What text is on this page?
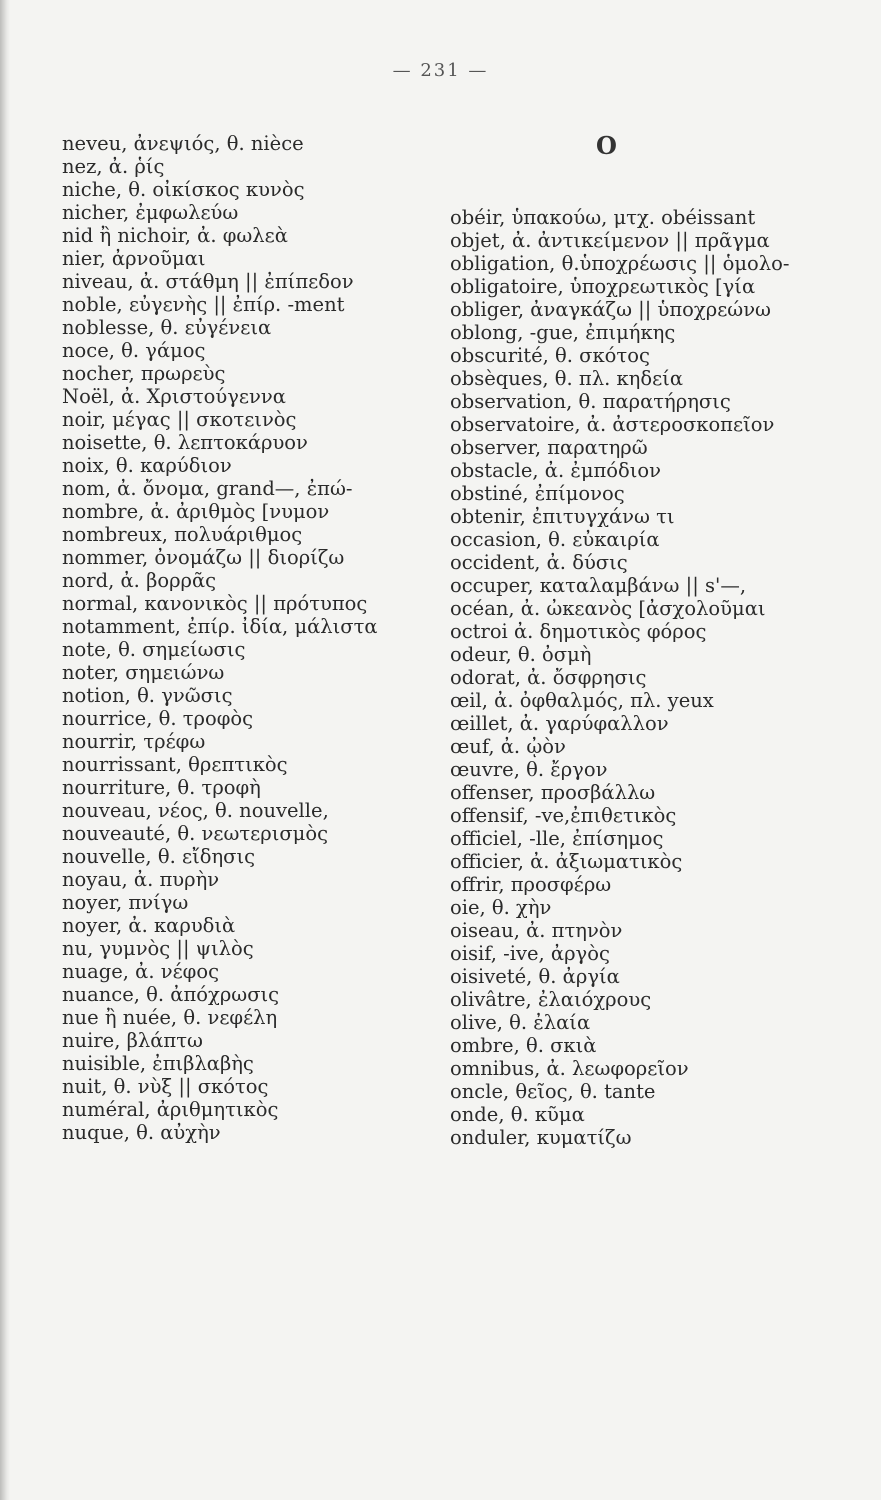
— 231 —
O
neveu, ἀνεψιός, θ. nièce
nez, ἀ. ῥίς
niche, θ. οἰκίσκος κυνὸς
nicher, ἐμφωλεύω
nid ἢ nichoir, ἀ. φωλεὰ
nier, ἀρνοῦμαι
niveau, ἀ. στάθμη || ἐπίπεδον
noble, εὐγενὴς || ἐπίρ. -ment
noblesse, θ. εὐγένεια
noce, θ. γάμος
nocher, πρωρεὺς
Noël, ἀ. Χριστούγεννα
noir, μέγας || σκοτεινὸς
noisette, θ. λεπτοκάρυον
noix, θ. καρύδιον
nom, ἀ. ὄνομα, grand—, ἐπώ-
nombre, ἀ. ἀριθμὸς [νυμον
nombreux, πολυάριθμος
nommer, ὀνομάζω || διορίζω
nord, ἀ. βορρᾶς
normal, κανονικὸς || πρότυπος
notamment, ἐπίρ. ἰδία, μάλιστα
note, θ. σημείωσις
noter, σημειώνω
notion, θ. γνῶσις
nourrice, θ. τροφὸς
nourrir, τρέφω
nourrissant, θρεπτικὸς
nourriture, θ. τροφὴ
nouveau, νέος, θ. nouvelle,
nouveauté, θ. νεωτερισμὸς
nouvelle, θ. εἴδησις
noyau, ἀ. πυρὴν
noyer, πνίγω
noyer, ἀ. καρυδιὰ
nu, γυμνὸς || ψιλὸς
nuage, ἀ. νέφος
nuance, θ. ἀπόχρωσις
nue ἢ nuée, θ. νεφέλη
nuire, βλάπτω
nuisible, ἐπιβλαβὴς
nuit, θ. νὺξ || σκότος
numéral, ἀριθμητικὸς
nuque, θ. αὐχὴν
obéir, ὑπακούω, μτχ. obéissant
objet, ἀ. ἀντικείμενον || πρᾶγμα
obligation, θ.ὑποχρέωσις || ὁμολο-
obligatoire, ὑποχρεωτικὸς [γία
obliger, ἀναγκάζω || ὑποχρεώνω
oblong, -gue, ἐπιμήκης
obscurité, θ. σκότος
obsèques, θ. πλ. κηδεία
observation, θ. παρατήρησις
observatoire, ἀ. ἀστεροσκοπεῖον
observer, παρατηρῶ
obstacle, ἀ. ἐμπόδιον
obstiné, ἐπίμονος
obtenir, ἐπιτυγχάνω τι
occasion, θ. εὐκαιρία
occident, ἀ. δύσις
occuper, καταλαμβάνω || s'—,
océan, ἀ. ὠκεανὸς [ἀσχολοῦμαι
octroi ἀ. δημοτικὸς φόρος
odeur, θ. ὀσμὴ
odorat, ἀ. ὄσφρησις
œil, ἀ. ὀφθαλμός, πλ. yeux
œillet, ἀ. γαρύφαλλον
œuf, ἀ. ᾠὸν
œuvre, θ. ἔργον
offenser, προσβάλλω
offensif, -ve,ἐπιθετικὸς
officiel, -lle, ἐπίσημος
officier, ἀ. ἀξιωματικὸς
offrir, προσφέρω
oie, θ. χὴν
oiseau, ἀ. πτηνὸν
oisif, -ive, ἀργὸς
oisiveté, θ. ἀργία
olivâtre, ἐλαιόχρους
olive, θ. ἐλαία
ombre, θ. σκιὰ
omnibus, ἀ. λεωφορεῖον
oncle, θεῖος, θ. tante
onde, θ. κῦμα
onduler, κυματίζω
